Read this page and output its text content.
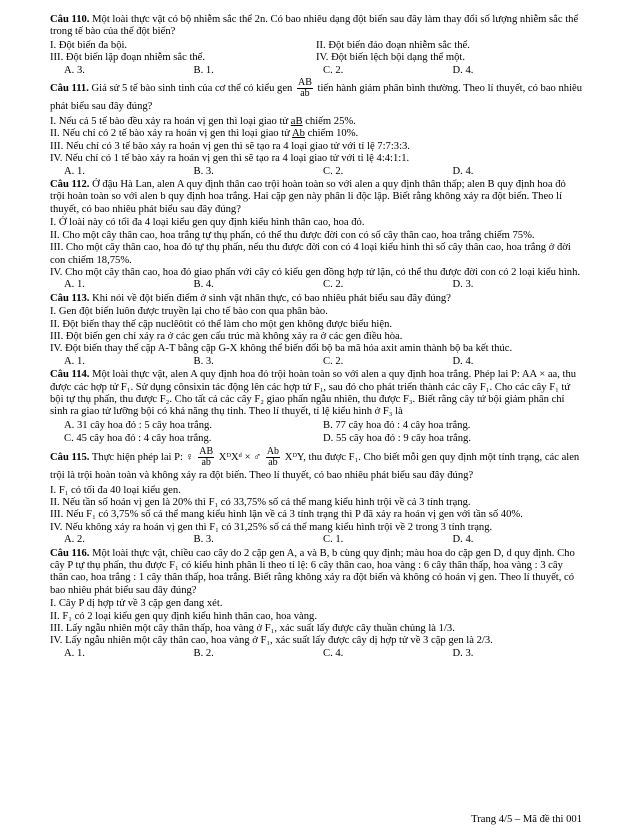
Câu 110. Một loài thực vật có bộ nhiễm sắc thể 2n. Có bao nhiêu dạng đột biến sau đây làm thay đổi số lượng nhiễm sắc thể trong tế bào của thể đột biến?
I. Đột biến đa bội.	II. Đột biến đảo đoạn nhiễm sắc thể.
III. Đột biến lặp đoạn nhiễm sắc thể.	IV. Đột biến lệch bội dạng thể một.
A. 3.	B. 1.	C. 2.	D. 4.
Câu 111. Giả sử 5 tế bào sinh tinh của cơ thể có kiểu gen $\frac{AB}{ab}$ tiến hành giảm phân bình thường. Theo lí thuyết, có bao nhiêu phát biểu sau đây đúng?
I. Nếu cả 5 tế bào đều xảy ra hoán vị gen thì loại giao tử aB chiếm 25%.
II. Nếu chỉ có 2 tế bào xảy ra hoán vị gen thì loại giao tử Ab chiếm 10%.
III. Nếu chỉ có 3 tế bào xảy ra hoán vị gen thì sẽ tạo ra 4 loại giao tử với tỉ lệ 7:7:3:3.
IV. Nếu chỉ có 1 tế bào xảy ra hoán vị gen thì sẽ tạo ra 4 loại giao tử với tỉ lệ 4:4:1:1.
A. 1.	B. 3.	C. 2.	D. 4.
Câu 112. Ở đậu Hà Lan, alen A quy định thân cao trội hoàn toàn so với alen a quy định thân thấp; alen B quy định hoa đỏ trội hoàn toàn so với alen b quy định hoa trắng. Hai cặp gen này phân li độc lập. Biết rằng không xảy ra đột biến. Theo lí thuyết, có bao nhiêu phát biểu sau đây đúng?
I. Ở loài này có tối đa 4 loại kiểu gen quy định kiểu hình thân cao, hoa đỏ.
II. Cho một cây thân cao, hoa trắng tự thụ phấn, có thể thu được đời con có số cây thân cao, hoa trắng chiếm 75%.
III. Cho một cây thân cao, hoa đỏ tự thụ phấn, nếu thu được đời con có 4 loại kiểu hình thì số cây thân cao, hoa trắng ở đời con chiếm 18,75%.
IV. Cho một cây thân cao, hoa đỏ giao phấn với cây có kiểu gen đồng hợp tử lặn, có thể thu được đời con có 2 loại kiểu hình.
A. 1.	B. 4.	C. 2.	D. 3.
Câu 113. Khi nói về đột biến điểm ở sinh vật nhân thực, có bao nhiêu phát biểu sau đây đúng?
I. Gen đột biến luôn được truyền lại cho tế bào con qua phân bào.
II. Đột biến thay thế cặp nuclêôtit có thể làm cho một gen không được biểu hiện.
III. Đột biến gen chỉ xảy ra ở các gen cấu trúc mà không xảy ra ở các gen điều hòa.
IV. Đột biến thay thế cặp A-T bằng cặp G-X không thể biến đổi bộ ba mã hóa axit amin thành bộ ba kết thúc.
A. 1.	B. 3.	C. 2.	D. 4.
Câu 114. Một loài thực vật, alen A quy định hoa đỏ trội hoàn toàn so với alen a quy định hoa trắng. Phép lai P: AA × aa, thu được các hợp tử F₁. Sử dụng cônsixin tác động lên các hợp tử F₁, sau đó cho phát triển thành các cây F₁. Cho các cây F₁ tứ bội tự thụ phấn, thu được F₂. Cho tất cả các cây F₂ giao phấn ngẫu nhiên, thu được F₃. Biết rằng cây tứ bội giảm phân chỉ sinh ra giao tử lưỡng bội có khả năng thụ tinh. Theo lí thuyết, tỉ lệ kiểu hình ở F₃ là
A. 31 cây hoa đỏ : 5 cây hoa trắng.	B. 77 cây hoa đỏ : 4 cây hoa trắng.
C. 45 cây hoa đỏ : 4 cây hoa trắng.	D. 55 cây hoa đỏ : 9 cây hoa trắng.
Câu 115. Thực hiện phép lai P: ♀ $\frac{AB}{ab}$ XᴰXᵈ × ♂ $\frac{Ab}{ab}$ XᴰY, thu được F₁. Cho biết mỗi gen quy định một tính trạng, các alen trội là trội hoàn toàn và không xảy ra đột biến. Theo lí thuyết, có bao nhiêu phát biểu sau đây đúng?
I. F₁ có tối đa 40 loại kiểu gen.
II. Nếu tần số hoán vị gen là 20% thì F₁ có 33,75% số cá thể mang kiểu hình trội về cả 3 tính trạng.
III. Nếu F₁ có 3,75% số cá thể mang kiểu hình lặn về cả 3 tính trạng thì P đã xảy ra hoán vị gen với tần số 40%.
IV. Nếu không xảy ra hoán vị gen thì F₁ có 31,25% số cá thể mang kiểu hình trội về 2 trong 3 tính trạng.
A. 2.	B. 3.	C. 1.	D. 4.
Câu 116. Một loài thực vật, chiều cao cây do 2 cặp gen A, a và B, b cùng quy định; màu hoa do cặp gen D, d quy định. Cho cây P tự thụ phấn, thu được F₁ có kiểu hình phân li theo tỉ lệ: 6 cây thân cao, hoa vàng : 6 cây thân thấp, hoa vàng : 3 cây thân cao, hoa trắng : 1 cây thân thấp, hoa trắng. Biết rằng không xảy ra đột biến và không có hoán vị gen. Theo lí thuyết, có bao nhiêu phát biểu sau đây đúng?
I. Cây P dị hợp tử về 3 cặp gen đang xét.
II. F₁ có 2 loại kiểu gen quy định kiểu hình thân cao, hoa vàng.
III. Lấy ngẫu nhiên một cây thân thấp, hoa vàng ở F₁, xác suất lấy được cây thuần chủng là 1/3.
IV. Lấy ngẫu nhiên một cây thân cao, hoa vàng ở F₁, xác suất lấy được cây dị hợp tử về 3 cặp gen là 2/3.
A. 1.	B. 2.	C. 4.	D. 3.
Trang 4/5 – Mã đề thi 001
